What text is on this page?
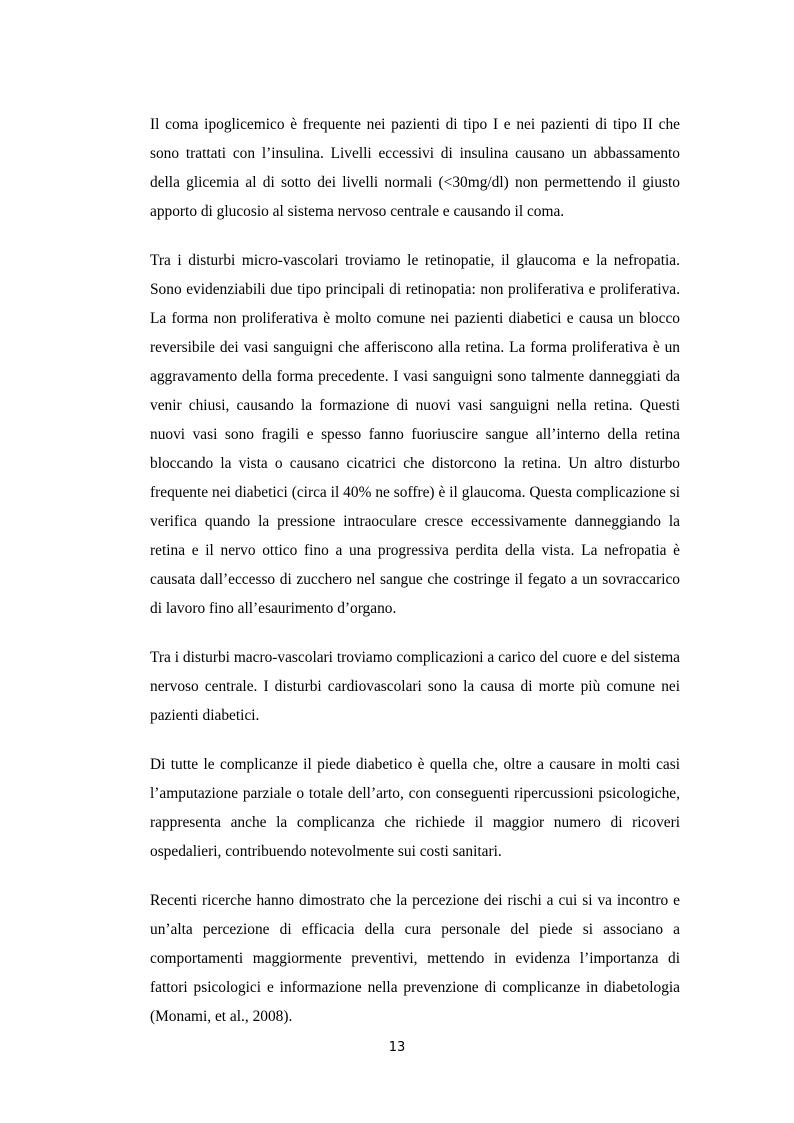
Il coma ipoglicemico è frequente nei pazienti di tipo I e nei pazienti di tipo II che sono trattati con l’insulina. Livelli eccessivi di insulina causano un abbassamento della glicemia al di sotto dei livelli normali (<30mg/dl) non permettendo il giusto apporto di glucosio al sistema nervoso centrale e causando il coma.

Tra i disturbi micro-vascolari troviamo le retinopatie, il glaucoma e la nefropatia. Sono evidenziabili due tipo principali di retinopatia: non proliferativa e proliferativa. La forma non proliferativa è molto comune nei pazienti diabetici e causa un blocco reversibile dei vasi sanguigni che afferiscono alla retina. La forma proliferativa è un aggravamento della forma precedente. I vasi sanguigni sono talmente danneggiati da venir chiusi, causando la formazione di nuovi vasi sanguigni nella retina. Questi nuovi vasi sono fragili e spesso fanno fuoriuscire sangue all’interno della retina bloccando la vista o causano cicatrici che distorcono la retina. Un altro disturbo frequente nei diabetici (circa il 40% ne soffre) è il glaucoma. Questa complicazione si verifica quando la pressione intraoculare cresce eccessivamente danneggiando la retina e il nervo ottico fino a una progressiva perdita della vista. La nefropatia è causata dall’eccesso di zucchero nel sangue che costringe il fegato a un sovraccarico di lavoro fino all’esaurimento d’organo.

Tra i disturbi macro-vascolari troviamo complicazioni a carico del cuore e del sistema nervoso centrale. I disturbi cardiovascolari sono la causa di morte più comune nei pazienti diabetici.

Di tutte le complicanze il piede diabetico è quella che, oltre a causare in molti casi l’amputazione parziale o totale dell’arto, con conseguenti ripercussioni psicologiche, rappresenta anche la complicanza che richiede il maggior numero di ricoveri ospedalieri, contribuendo notevolmente sui costi sanitari.

Recenti ricerche hanno dimostrato che la percezione dei rischi a cui si va incontro e un’alta percezione di efficacia della cura personale del piede si associano a comportamenti maggiormente preventivi, mettendo in evidenza l’importanza di fattori psicologici e informazione nella prevenzione di complicanze in diabetologia (Monami, et al., 2008).

13
